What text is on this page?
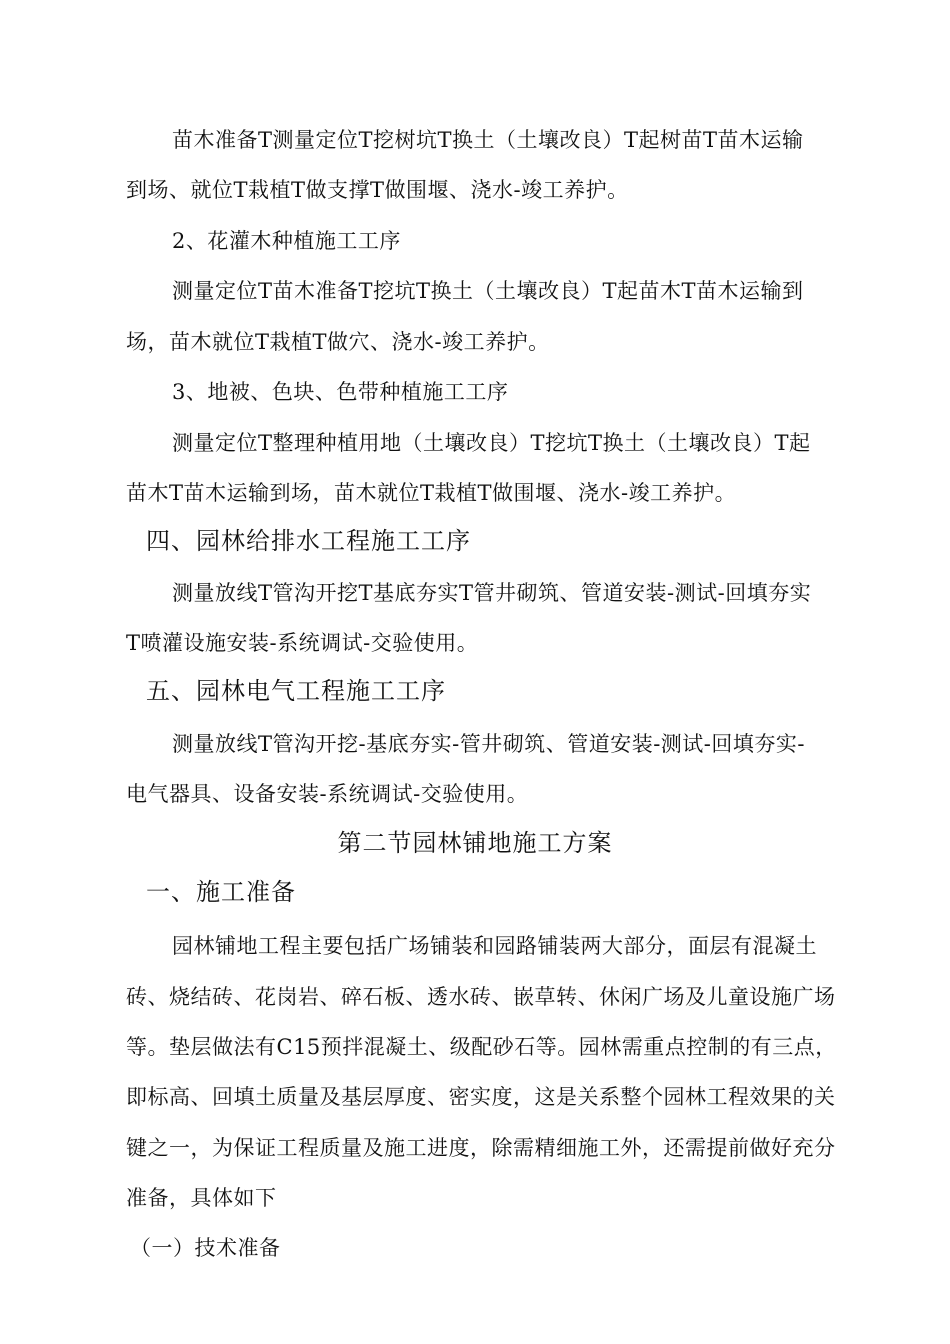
苗木准备T测量定位T挖树坑T换土（土壤改良）T起树苗T苗木运输
到场、就位T栽植T做支撑T做围堰、浇水-竣工养护。
2、花灌木种植施工工序
测量定位T苗木准备T挖坑T换土（土壤改良）T起苗木T苗木运输到
场，苗木就位T栽植T做穴、浇水-竣工养护。
3、地被、色块、色带种植施工工序
测量定位T整理种植用地（土壤改良）T挖坑T换土（土壤改良）T起
苗木T苗木运输到场，苗木就位T栽植T做围堰、浇水-竣工养护。
四、园林给排水工程施工工序
测量放线T管沟开挖T基底夯实T管井砌筑、管道安装-测试-回填夯实
T喷灌设施安装-系统调试-交验使用。
五、园林电气工程施工工序
测量放线T管沟开挖-基底夯实-管井砌筑、管道安装-测试-回填夯实-
电气器具、设备安装-系统调试-交验使用。
第二节园林铺地施工方案
一、施工准备
园林铺地工程主要包括广场铺装和园路铺装两大部分，面层有混凝土
砖、烧结砖、花岗岩、碎石板、透水砖、嵌草转、休闲广场及儿童设施广场
等。垫层做法有C15预拌混凝土、级配砂石等。园林需重点控制的有三点，
即标高、回填土质量及基层厚度、密实度，这是关系整个园林工程效果的关
键之一，为保证工程质量及施工进度，除需精细施工外，还需提前做好充分
准备，具体如下
（一）技术准备
